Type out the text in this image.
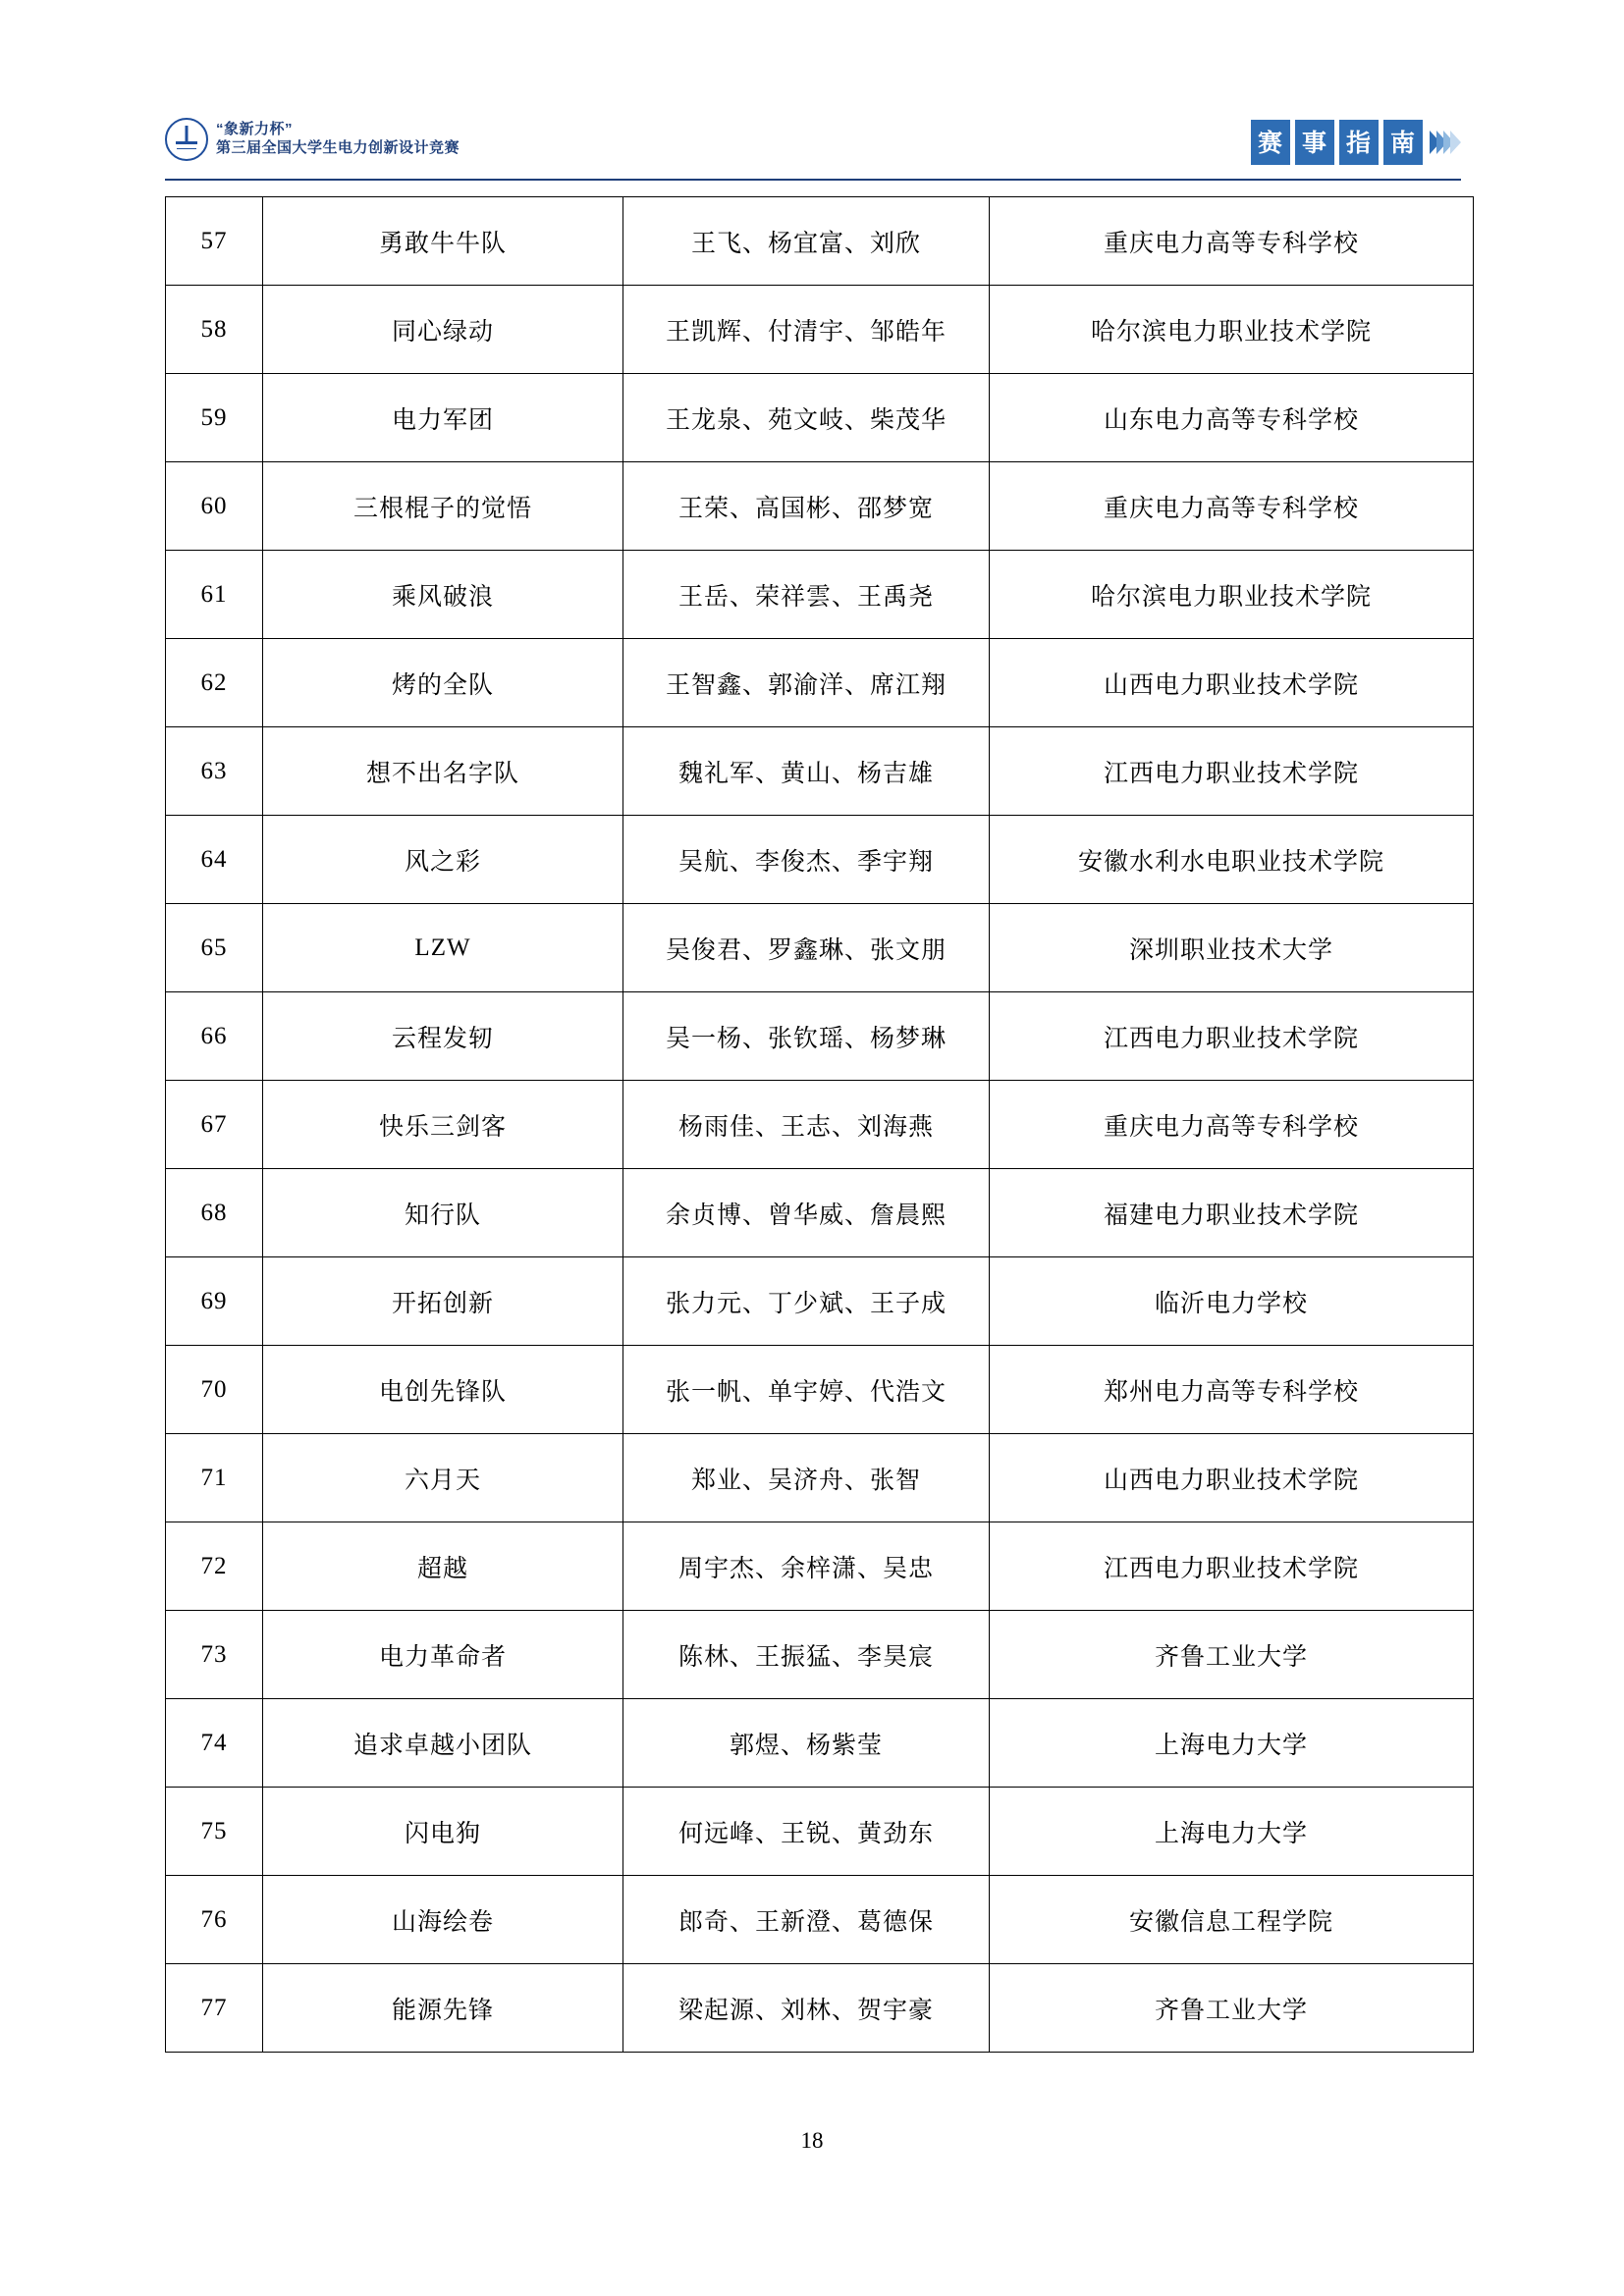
“象新力杯”
第三届全国大学生电力创新设计竞赛	赛 事 指 南
57	勇敢牛牛队	王飞、杨宜富、刘欣	重庆电力高等专科学校
58	同心绿动	王凯辉、付清宇、邹皓年	哈尔滨电力职业技术学院
59	电力军团	王龙泉、苑文岐、柴茂华	山东电力高等专科学校
60	三根棍子的觉悟	王荣、高国彬、邵梦宽	重庆电力高等专科学校
61	乘风破浪	王岳、荣祥雲、王禹尧	哈尔滨电力职业技术学院
62	烤的全队	王智鑫、郭渝洋、席江翔	山西电力职业技术学院
63	想不出名字队	魏礼军、黄山、杨吉雄	江西电力职业技术学院
64	风之彩	吴航、李俊杰、季宇翔	安徽水利水电职业技术学院
65	LZW	吴俊君、罗鑫琳、张文朋	深圳职业技术大学
66	云程发轫	吴一杨、张钦瑶、杨梦琳	江西电力职业技术学院
67	快乐三剑客	杨雨佳、王志、刘海燕	重庆电力高等专科学校
68	知行队	余贞博、曾华威、詹晨熙	福建电力职业技术学院
69	开拓创新	张力元、丁少斌、王子成	临沂电力学校
70	电创先锋队	张一帆、单宇婷、代浩文	郑州电力高等专科学校
71	六月天	郑业、吴济舟、张智	山西电力职业技术学院
72	超越	周宇杰、余梓潇、吴忠	江西电力职业技术学院
73	电力革命者	陈林、王振猛、李昊宸	齐鲁工业大学
74	追求卓越小团队	郭煜、杨紫莹	上海电力大学
75	闪电狗	何远峰、王锐、黄劲东	上海电力大学
76	山海绘卷	郎奇、王新澄、葛德保	安徽信息工程学院
77	能源先锋	梁起源、刘林、贺宇豪	齐鲁工业大学
18
